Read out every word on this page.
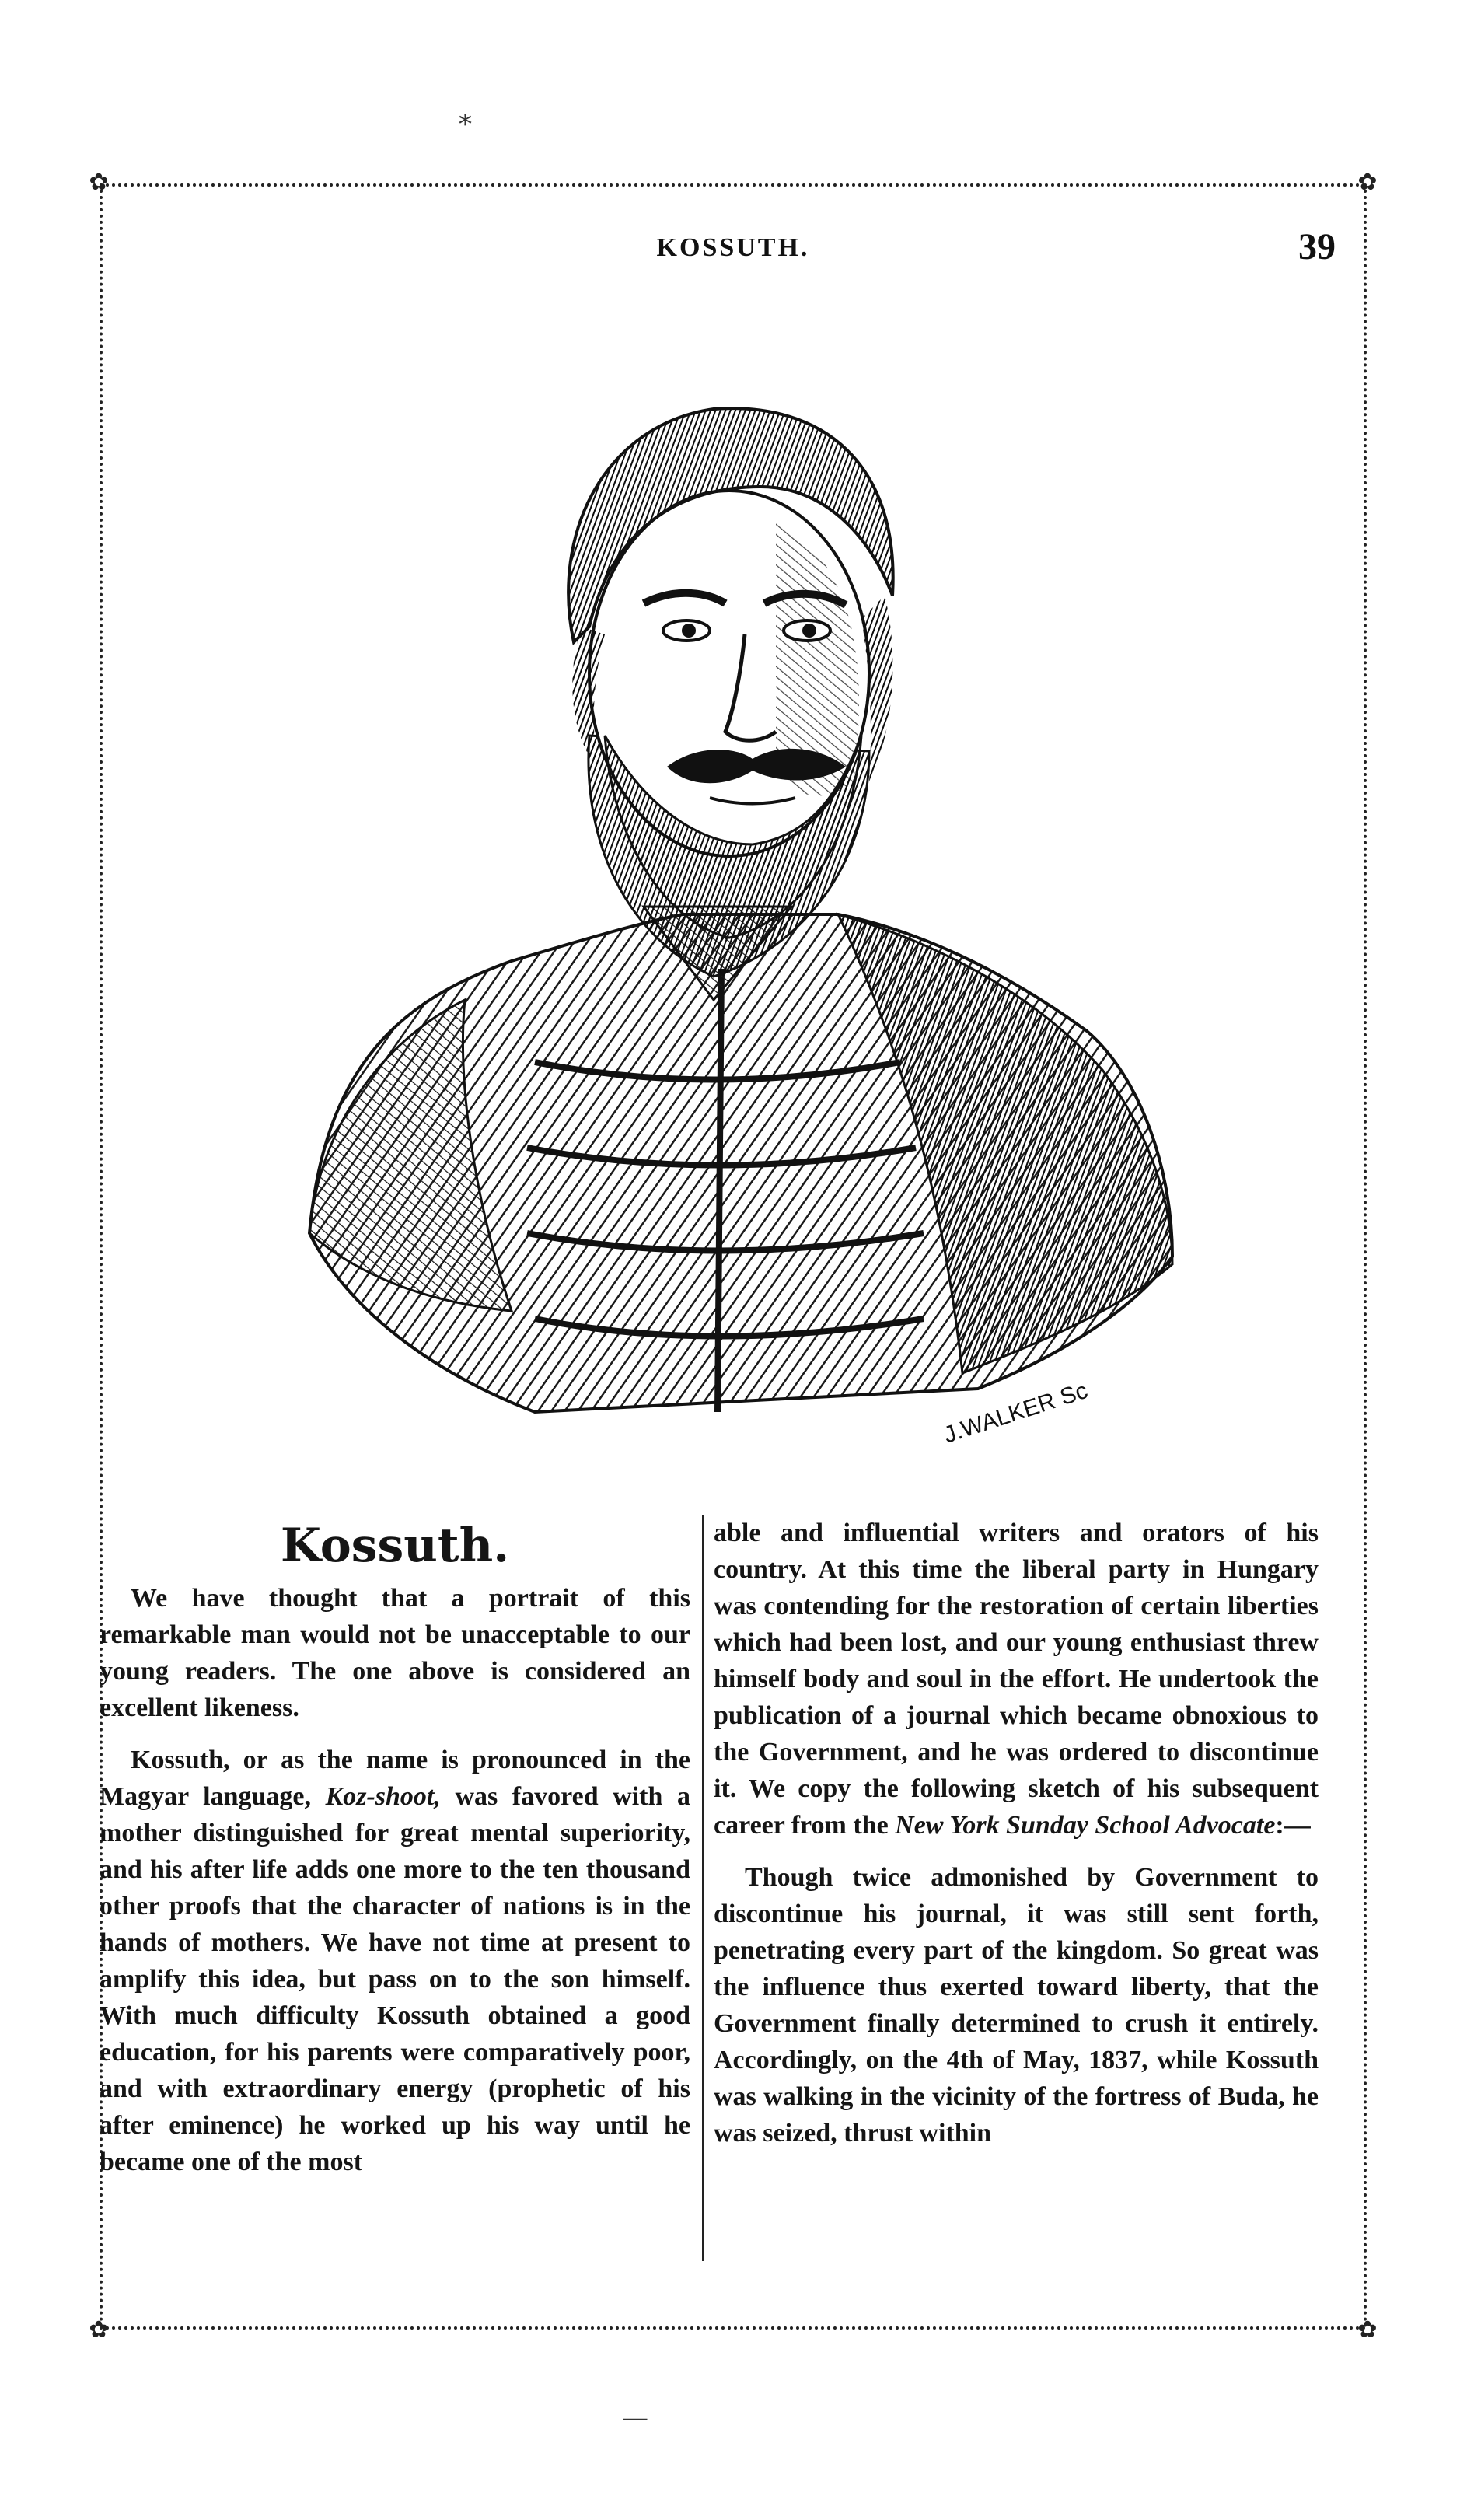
✿	✿
✿	✿
KOSSUTH.	39
J.WALKER Sc
Kossuth.

We have thought that a portrait of this remarkable man would not be unacceptable to our young readers. The one above is considered an excellent likeness.

Kossuth, or as the name is pronounced in the Magyar language, Koz-shoot, was favored with a mother distinguished for great mental superiority, and his after life adds one more to the ten thousand other proofs that the character of nations is in the hands of mothers. We have not time at present to amplify this idea, but pass on to the son himself. With much difficulty Kossuth obtained a good education, for his parents were comparatively poor, and with extraordinary energy (prophetic of his after eminence) he worked up his way until he became one of the most

able and influential writers and orators of his country. At this time the liberal party in Hungary was contending for the restoration of certain liberties which had been lost, and our young enthusiast threw himself body and soul in the effort. He undertook the publication of a journal which became obnoxious to the Government, and he was ordered to discontinue it. We copy the following sketch of his subsequent career from the New York Sunday School Advocate:—

Though twice admonished by Government to discontinue his journal, it was still sent forth, penetrating every part of the kingdom. So great was the influence thus exerted toward liberty, that the Government finally determined to crush it entirely. Accordingly, on the 4th of May, 1837, while Kossuth was walking in the vicinity of the fortress of Buda, he was seized, thrust within

*
—
